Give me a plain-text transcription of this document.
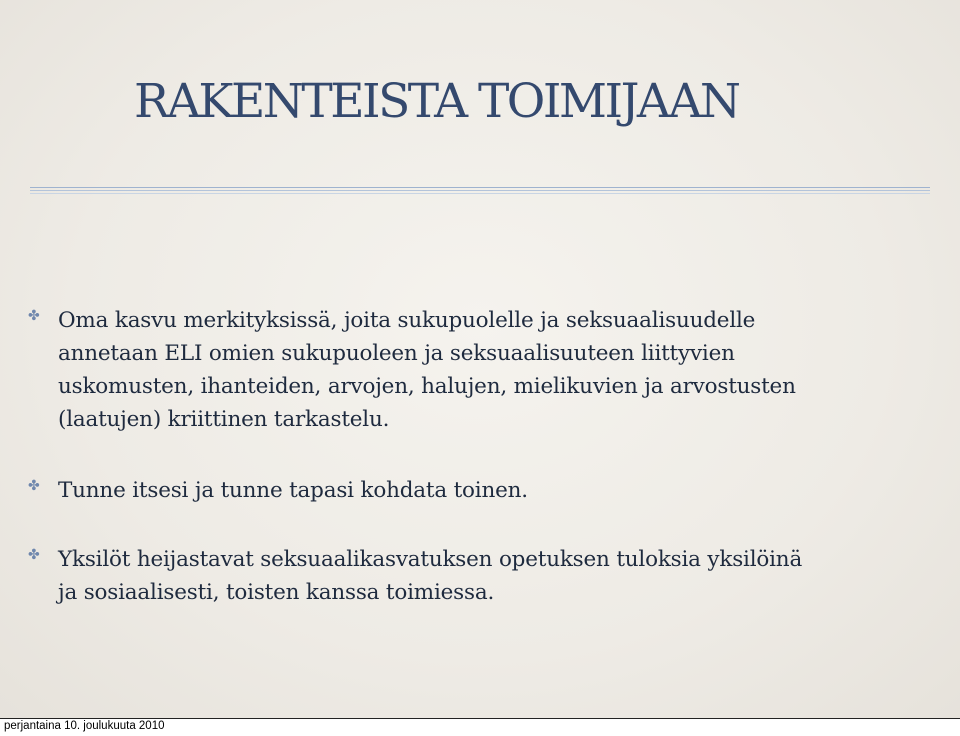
RAKENTEISTA TOIMIJAAN
✤ Oma kasvu merkityksissä, joita sukupuolelle ja seksuaalisuudelle
annetaan ELI omien sukupuoleen ja seksuaalisuuteen liittyvien
uskomusten, ihanteiden, arvojen, halujen, mielikuvien ja arvostusten
(laatujen) kriittinen tarkastelu.

✤ Tunne itsesi ja tunne tapasi kohdata toinen.

✤ Yksilöt heijastavat seksuaalikasvatuksen opetuksen tuloksia yksilöinä
ja sosiaalisesti, toisten kanssa toimiessa.

perjantaina 10. joulukuuta 2010
